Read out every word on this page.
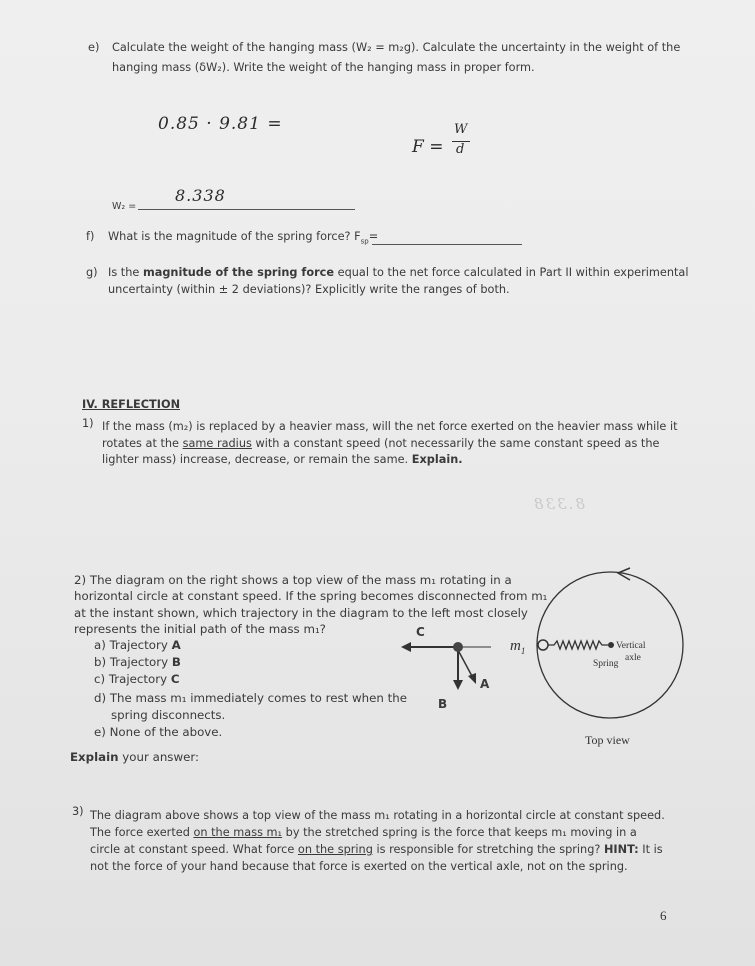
e) Calculate the weight of the hanging mass (W₂ = m₂g). Calculate the uncertainty in the weight of the
hanging mass (δW₂). Write the weight of the hanging mass in proper form.
0.85 · 9.81 =
F =
W
d
W₂ =
8.338
f) What is the magnitude of the spring force? $F_{sp}=$
g) Is the magnitude of the spring force equal to the net force calculated in Part II within experimental
uncertainty (within ± 2 deviations)? Explicitly write the ranges of both.
IV. REFLECTION
1) If the mass (m₂) is replaced by a heavier mass, will the net force exerted on the heavier mass while it
rotates at the same radius with a constant speed (not necessarily the same constant speed as the
lighter mass) increase, decrease, or remain the same. Explain.
8.338
2) The diagram on the right shows a top view of the mass m₁ rotating in a
horizontal circle at constant speed. If the spring becomes disconnected from m₁
at the instant shown, which trajectory in the diagram to the left most closely
represents the initial path of the mass m₁?
a) Trajectory A
b) Trajectory B
c) Trajectory C
d) The mass m₁ immediately comes to rest when the
spring disconnects.
e) None of the above.
Explain your answer:
C
B
A
$m_1$
Spring
Vertical
axle
Top view
3) The diagram above shows a top view of the mass m₁ rotating in a horizontal circle at constant speed.
The force exerted on the mass m₁ by the stretched spring is the force that keeps m₁ moving in a
circle at constant speed. What force on the spring is responsible for stretching the spring? HINT: It is
not the force of your hand because that force is exerted on the vertical axle, not on the spring.
6
